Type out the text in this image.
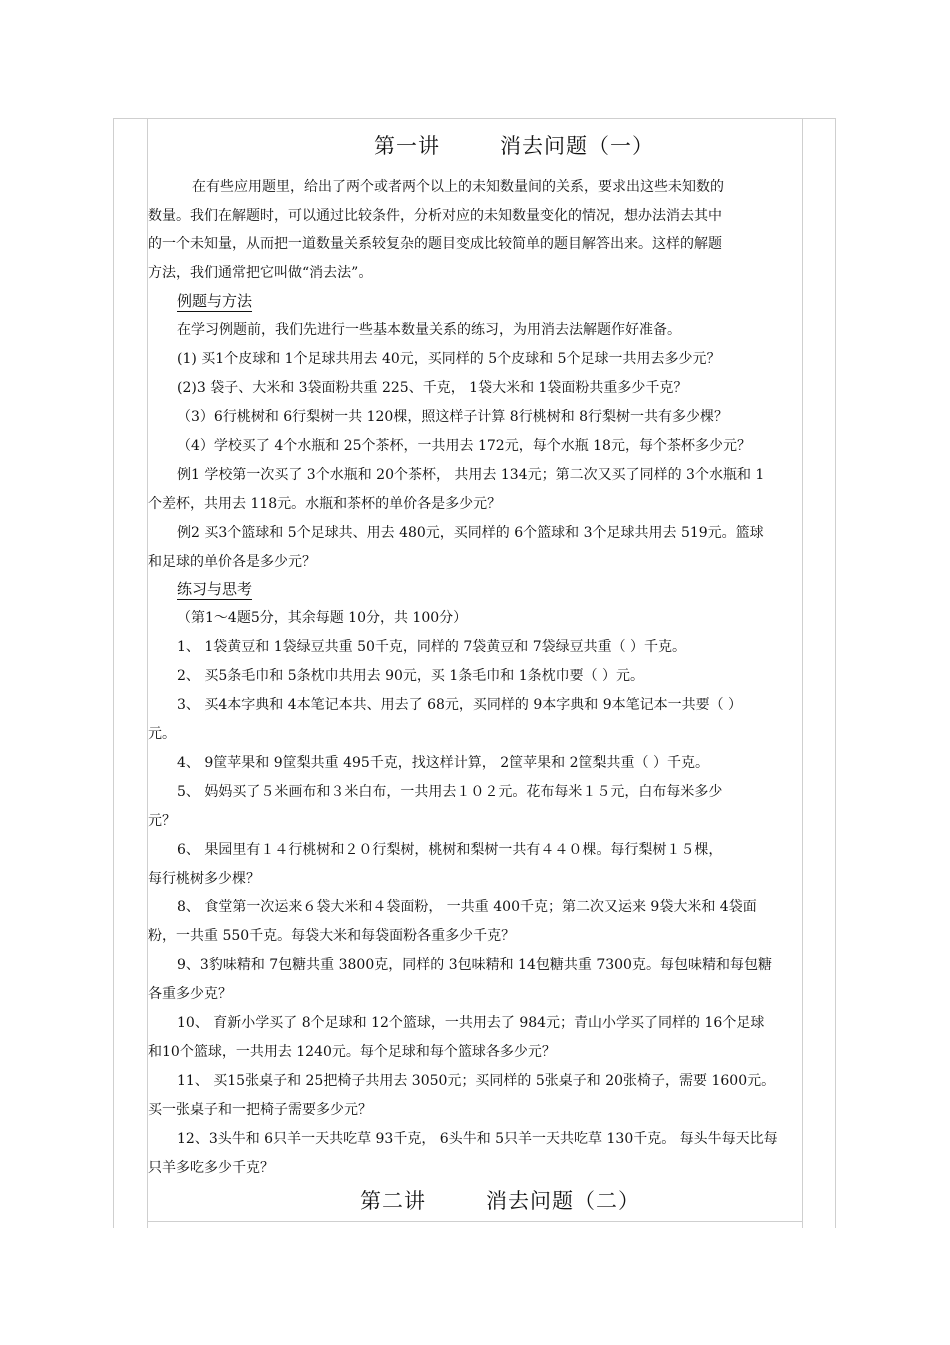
第一讲	消去问题（一）
在有些应用题里，给出了两个或者两个以上的未知数量间的关系，要求出这些未知数的
数量。我们在解题时，可以通过比较条件，分析对应的未知数量变化的情况，想办法消去其中
的一个未知量，从而把一道数量关系较复杂的题目变成比较简单的题目解答出来。这样的解题
方法，我们通常把它叫做“消去法”。
例题与方法
在学习例题前，我们先进行一些基本数量关系的练习，为用消去法解题作好准备。
(1) 买1个皮球和 1个足球共用去 40元，买同样的 5个皮球和 5个足球一共用去多少元？
(2)3 袋子、大米和 3袋面粉共重 225、千克， 1袋大米和 1袋面粉共重多少千克？
（3）6行桃树和 6行梨树一共 120棵，照这样子计算 8行桃树和 8行梨树一共有多少棵？
（4）学校买了 4个水瓶和 25个茶杯，一共用去 172元，每个水瓶 18元，每个茶杯多少元？
例1 学校第一次买了 3个水瓶和 20个茶杯， 共用去 134元；第二次又买了同样的 3个水瓶和 1
个差杯，共用去 118元。水瓶和茶杯的单价各是多少元？
例2 买3个篮球和 5个足球共、用去 480元，买同样的 6个篮球和 3个足球共用去 519元。篮球
和足球的单价各是多少元？
练习与思考
（第1～4题5分，其余每题 10分，共 100分）
1、 1袋黄豆和 1袋绿豆共重 50千克，同样的 7袋黄豆和 7袋绿豆共重（ ）千克。
2、 买5条毛巾和 5条枕巾共用去 90元，买 1条毛巾和 1条枕巾要（ ）元。
3、 买4本字典和 4本笔记本共、用去了 68元，买同样的 9本字典和 9本笔记本一共要（ ）
元。
4、 9筐苹果和 9筐梨共重 495千克，找这样计算， 2筐苹果和 2筐梨共重（ ）千克。
5、 妈妈买了５米画布和３米白布，一共用去１０２元。花布每米１５元，白布每米多少
元？
6、 果园里有１４行桃树和２０行梨树，桃树和梨树一共有４４０棵。每行梨树１５棵，
每行桃树多少棵？
8、 食堂第一次运来６袋大米和４袋面粉， 一共重 400千克；第二次又运来 9袋大米和 4袋面
粉，一共重 550千克。每袋大米和每袋面粉各重多少千克？
9、3豹味精和 7包糖共重 3800克，同样的 3包味精和 14包糖共重 7300克。每包味精和每包糖
各重多少克？
10、 育新小学买了 8个足球和 12个篮球，一共用去了 984元；青山小学买了同样的 16个足球
和10个篮球，一共用去 1240元。每个足球和每个篮球各多少元？
11、 买15张桌子和 25把椅子共用去 3050元；买同样的 5张桌子和 20张椅子，需要 1600元。
买一张桌子和一把椅子需要多少元？
12、3头牛和 6只羊一天共吃草 93千克， 6头牛和 5只羊一天共吃草 130千克。 每头牛每天比每
只羊多吃多少千克？
第二讲	消去问题（二）
